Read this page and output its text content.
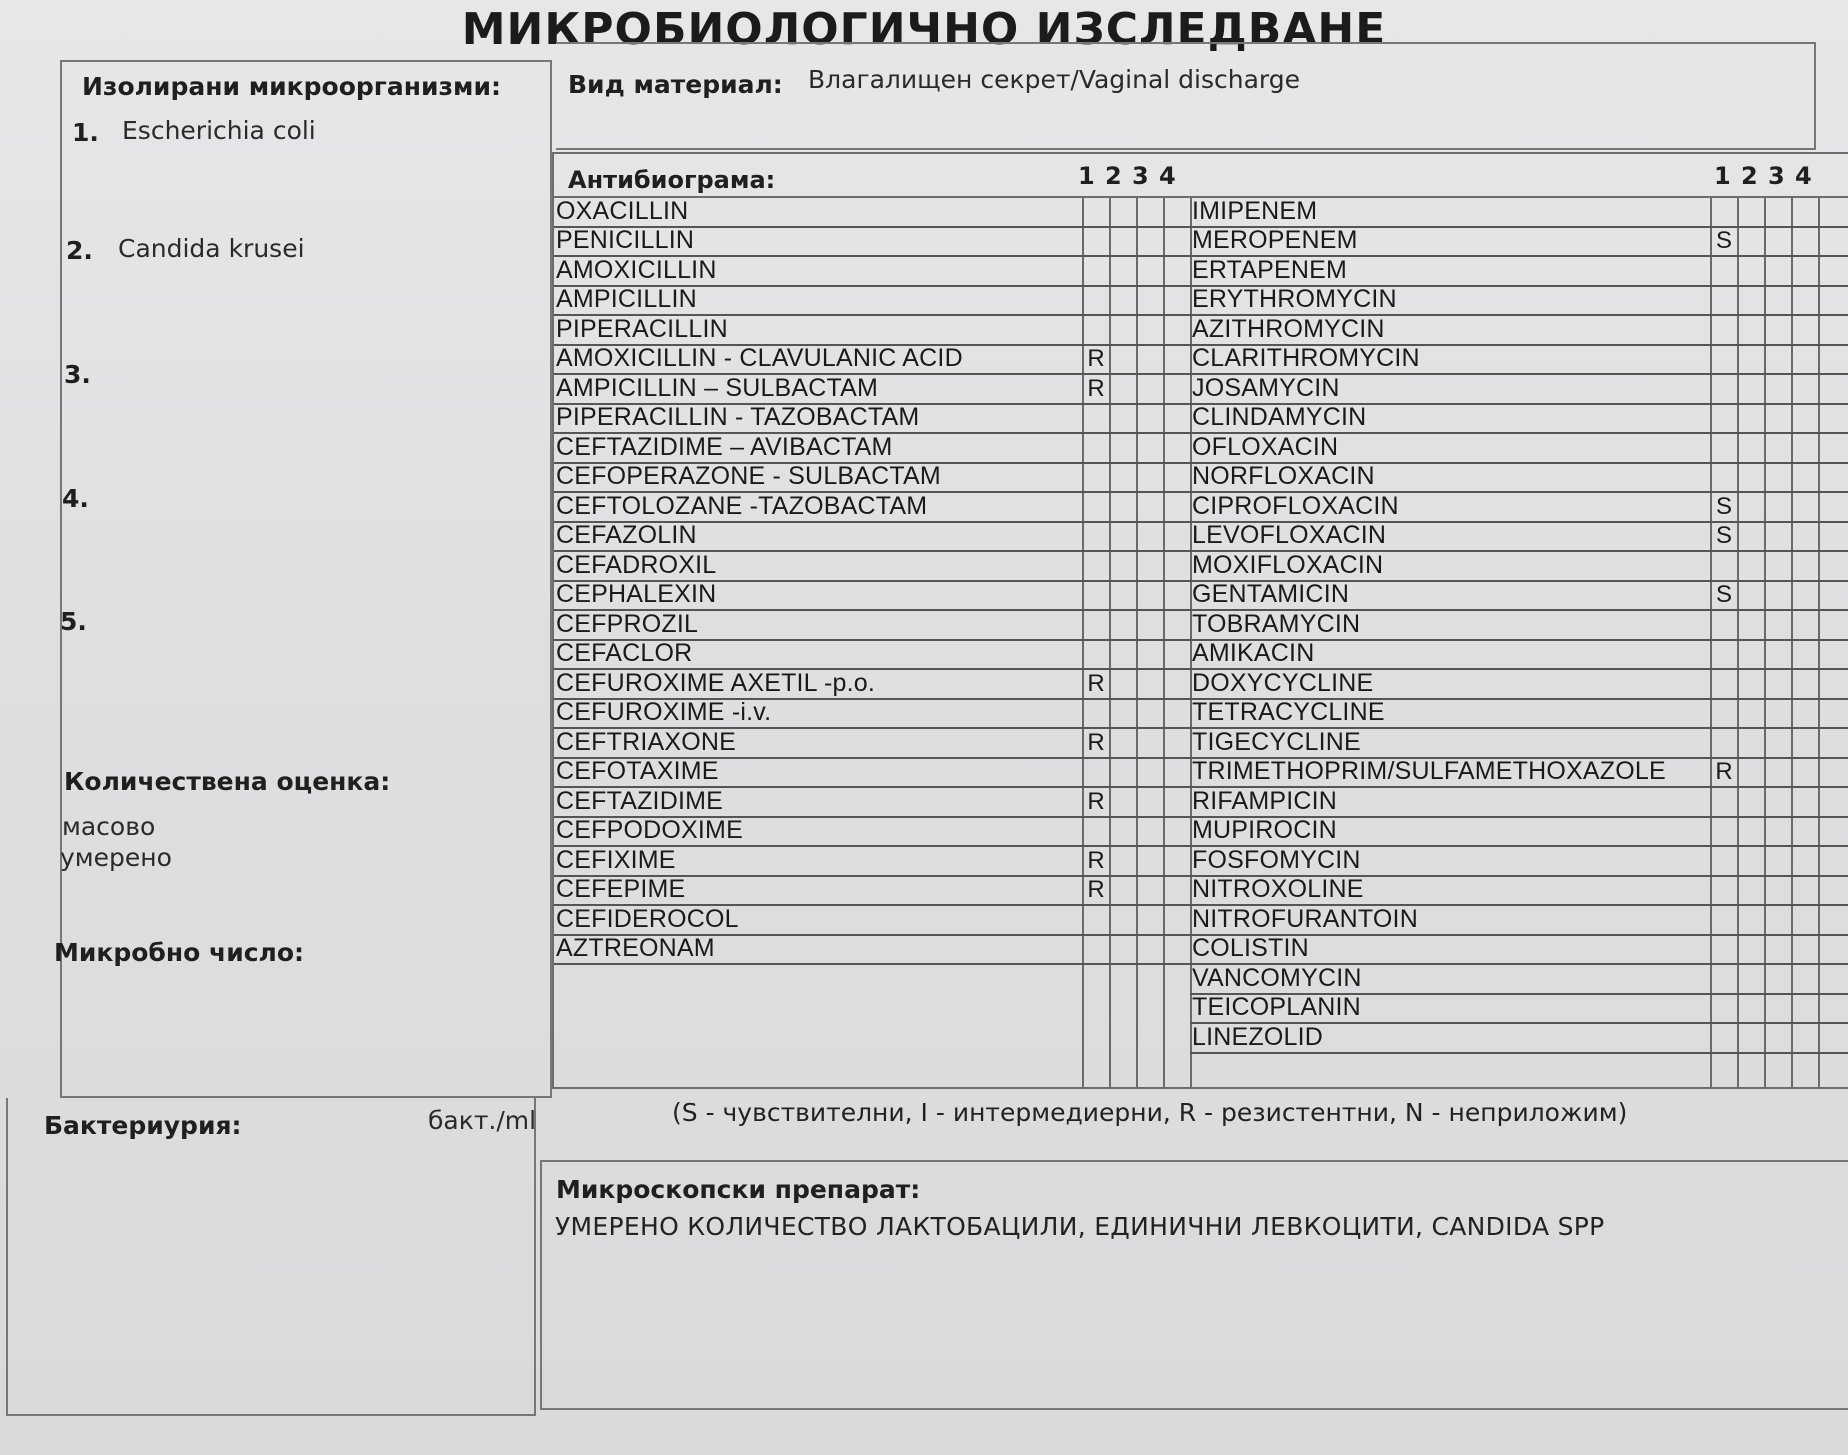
МИКРОБИОЛОГИЧНО ИЗСЛЕДВАНЕ
Изолирани микроорганизми:
1. Escherichia coli
2. Candida krusei
3.
4.
5.
Количествена оценка:
масово
умерено
Микробно число:
Бактериурия:	бакт./ml
Вид материал: Влагалищен секрет/Vaginal discharge
Антибиограма:	1 2 3 4	1 2 3 4
OXACILLIN
PENICILLIN
AMOXICILLIN
AMPICILLIN
PIPERACILLIN
AMOXICILLIN - CLAVULANIC ACID	R
AMPICILLIN – SULBACTAM	R
PIPERACILLIN - TAZOBACTAM
CEFTAZIDIME – AVIBACTAM
CEFOPERAZONE - SULBACTAM
CEFTOLOZANE -TAZOBACTAM
CEFAZOLIN
CEFADROXIL
CEPHALEXIN
CEFPROZIL
CEFACLOR
CEFUROXIME AXETIL -p.o.	R
CEFUROXIME -i.v.
CEFTRIAXONE	R
CEFOTAXIME
CEFTAZIDIME	R
CEFPODOXIME
CEFIXIME	R
CEFEPIME	R
CEFIDEROCOL
AZTREONAM
IMIPENEM
MEROPENEM	S
ERTAPENEM
ERYTHROMYCIN
AZITHROMYCIN
CLARITHROMYCIN
JOSAMYCIN
CLINDAMYCIN
OFLOXACIN
NORFLOXACIN
CIPROFLOXACIN	S
LEVOFLOXACIN	S
MOXIFLOXACIN
GENTAMICIN	S
TOBRAMYCIN
AMIKACIN
DOXYCYCLINE
TETRACYCLINE
TIGECYCLINE
TRIMETHOPRIM/SULFAMETHOXAZOLE R
RIFAMPICIN
MUPIROCIN
FOSFOMYCIN
NITROXOLINE
NITROFURANTOIN
COLISTIN
VANCOMYCIN
TEICOPLANIN
LINEZOLID
(S - чувствителни, I - интермедиерни, R - резистентни, N - неприложим)
Микроскопски препарат:
УМЕРЕНО КОЛИЧЕСТВО ЛАКТОБАЦИЛИ, ЕДИНИЧНИ ЛЕВКОЦИТИ, CANDIDA SPP
